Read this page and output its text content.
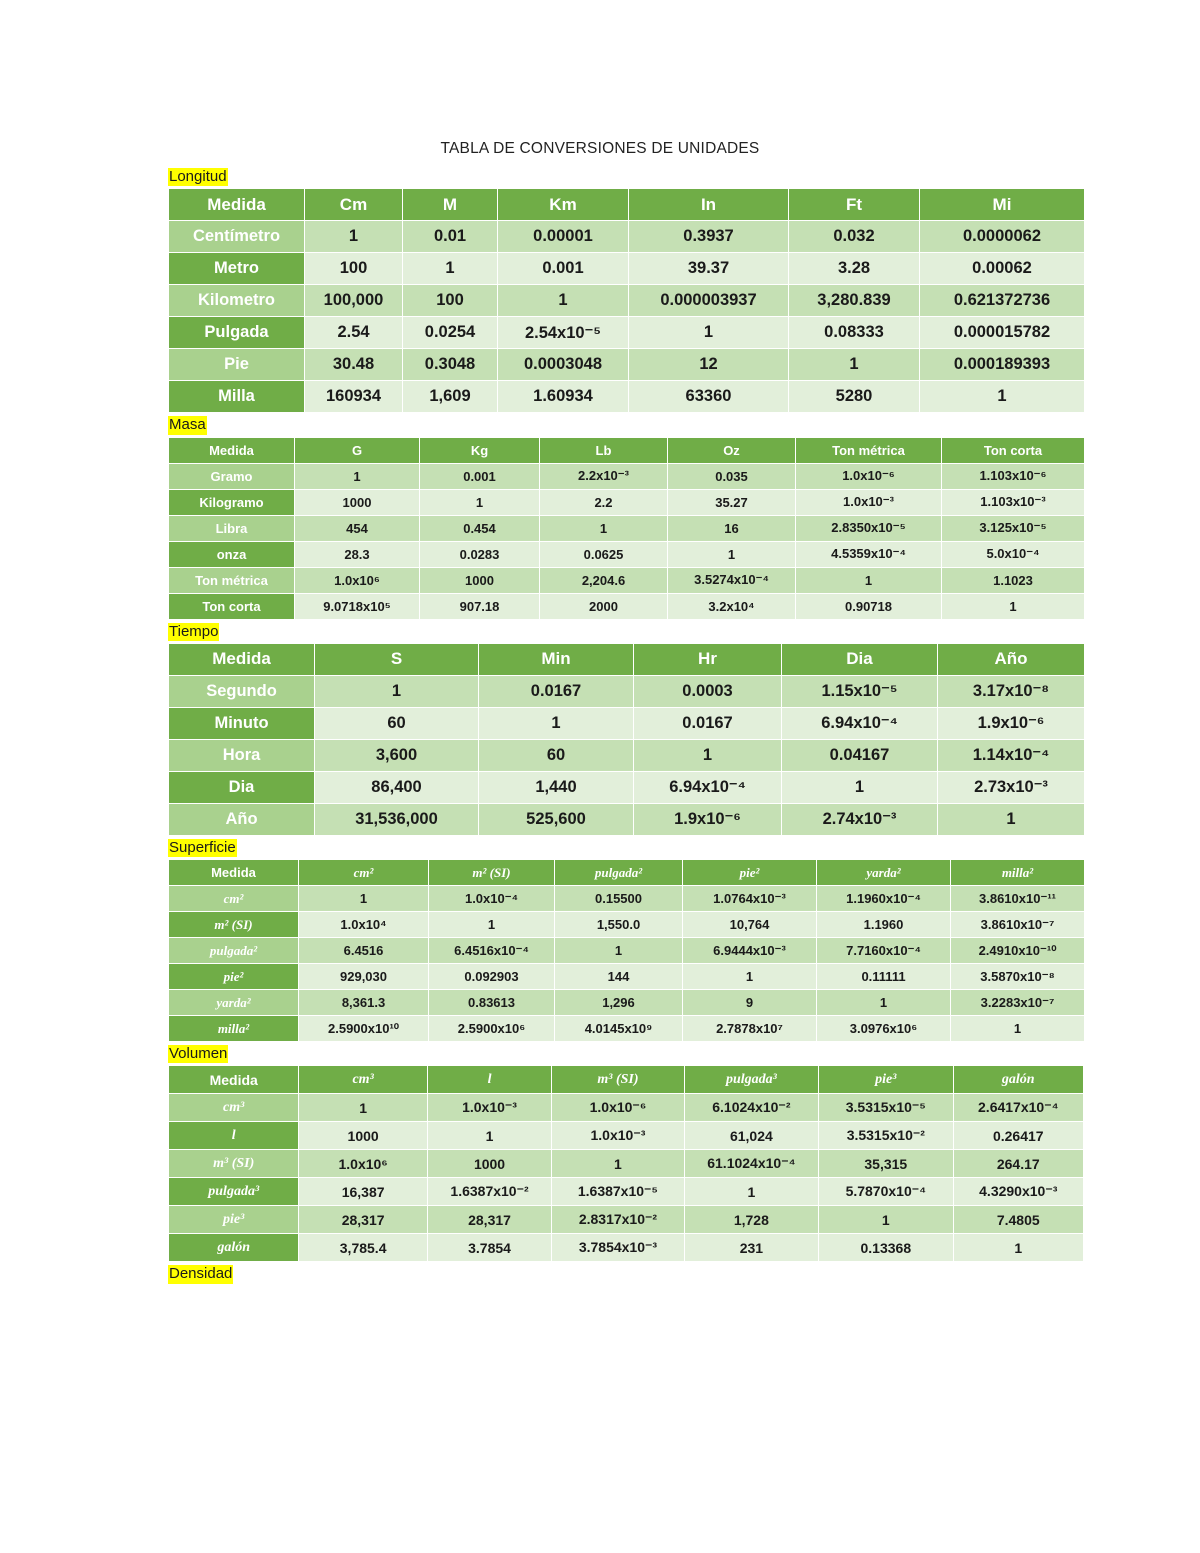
TABLA DE CONVERSIONES DE UNIDADES
Longitud
Medida	Cm	M	Km	In	Ft	Mi
Centímetro	1	0.01	0.00001	0.3937	0.032	0.0000062
Metro	100	1	0.001	39.37	3.28	0.00062
Kilometro	100,000	100	1	0.000003937	3,280.839	0.621372736
Pulgada	2.54	0.0254	2.54x10⁻⁵	1	0.08333	0.000015782
Pie	30.48	0.3048	0.0003048	12	1	0.000189393
Milla	160934	1,609	1.60934	63360	5280	1
Masa
Medida	G	Kg	Lb	Oz	Ton métrica	Ton corta
Gramo	1	0.001	2.2x10⁻³	0.035	1.0x10⁻⁶	1.103x10⁻⁶
Kilogramo	1000	1	2.2	35.27	1.0x10⁻³	1.103x10⁻³
Libra	454	0.454	1	16	2.8350x10⁻⁵	3.125x10⁻⁵
onza	28.3	0.0283	0.0625	1	4.5359x10⁻⁴	5.0x10⁻⁴
Ton métrica	1.0x10⁶	1000	2,204.6	3.5274x10⁻⁴	1	1.1023
Ton corta	9.0718x10⁵	907.18	2000	3.2x10⁴	0.90718	1
Tiempo
Medida	S	Min	Hr	Dia	Año
Segundo	1	0.0167	0.0003	1.15x10⁻⁵	3.17x10⁻⁸
Minuto	60	1	0.0167	6.94x10⁻⁴	1.9x10⁻⁶
Hora	3,600	60	1	0.04167	1.14x10⁻⁴
Dia	86,400	1,440	6.94x10⁻⁴	1	2.73x10⁻³
Año	31,536,000	525,600	1.9x10⁻⁶	2.74x10⁻³	1
Superficie
Medida	cm²	m² (SI)	pulgada²	pie²	yarda²	milla²
cm²	1	1.0x10⁻⁴	0.15500	1.0764x10⁻³	1.1960x10⁻⁴	3.8610x10⁻¹¹
m² (SI)	1.0x10⁴	1	1,550.0	10,764	1.1960	3.8610x10⁻⁷
pulgada²	6.4516	6.4516x10⁻⁴	1	6.9444x10⁻³	7.7160x10⁻⁴	2.4910x10⁻¹⁰
pie²	929,030	0.092903	144	1	0.11111	3.5870x10⁻⁸
yarda²	8,361.3	0.83613	1,296	9	1	3.2283x10⁻⁷
milla²	2.5900x10¹⁰	2.5900x10⁶	4.0145x10⁹	2.7878x10⁷	3.0976x10⁶	1
Volumen
Medida	cm³	l	m³ (SI)	pulgada³	pie³	galón
cm³	1	1.0x10⁻³	1.0x10⁻⁶	6.1024x10⁻²	3.5315x10⁻⁵	2.6417x10⁻⁴
l	1000	1	1.0x10⁻³	61,024	3.5315x10⁻²	0.26417
m³ (SI)	1.0x10⁶	1000	1	61.1024x10⁻⁴	35,315	264.17
pulgada³	16,387	1.6387x10⁻²	1.6387x10⁻⁵	1	5.7870x10⁻⁴	4.3290x10⁻³
pie³	28,317	28,317	2.8317x10⁻²	1,728	1	7.4805
galón	3,785.4	3.7854	3.7854x10⁻³	231	0.13368	1
Densidad
